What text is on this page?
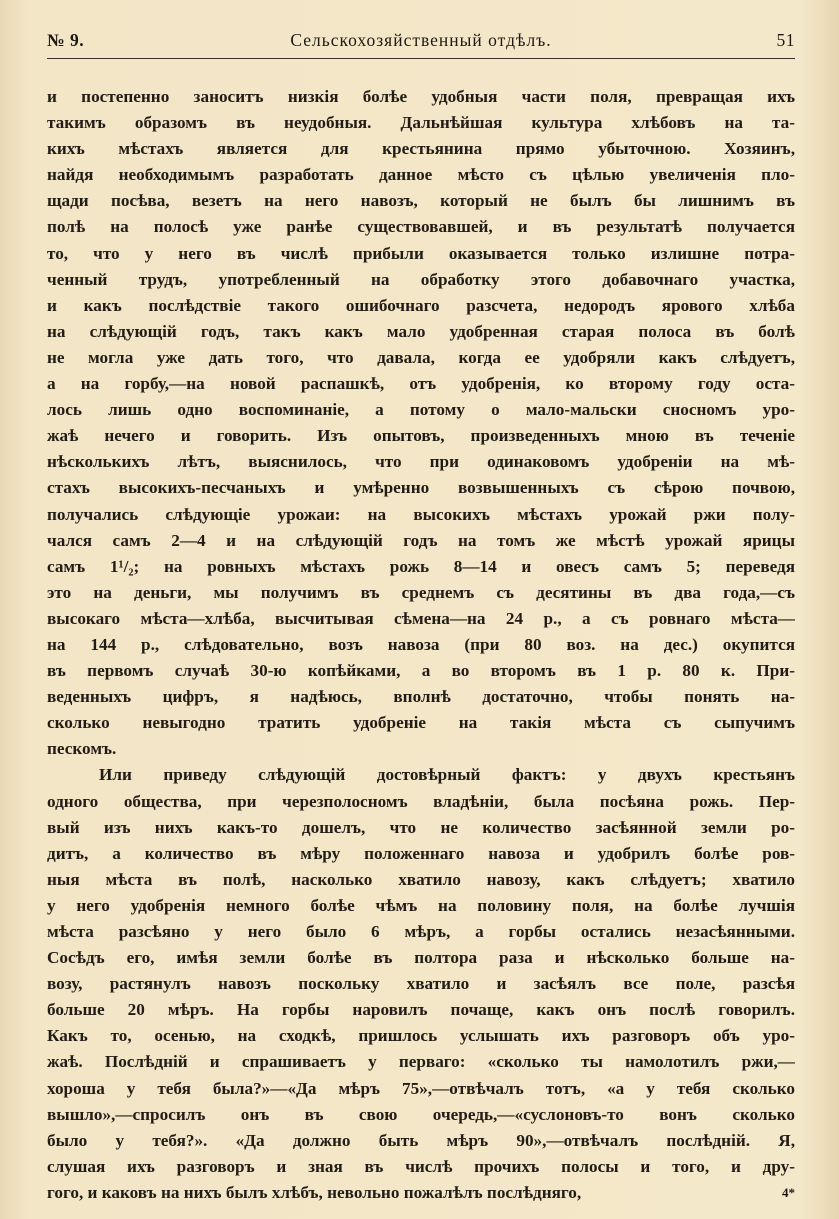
№ 9.	Сельскохозяйственный отдѣлъ.	51
и постепенно заноситъ низкія болѣе удобныя части поля, превращая ихъ
такимъ образомъ въ неудобныя. Дальнѣйшая культура хлѣбовъ на та-
кихъ мѣстахъ является для крестьянина прямо убыточною. Хозяинъ,
найдя необходимымъ разработать данное мѣсто съ цѣлью увеличенія пло-
щади посѣва, везетъ на него навозъ, который не былъ бы лишнимъ въ
полѣ на полосѣ уже ранѣе существовавшей, и въ результатѣ получается
то, что у него въ числѣ прибыли оказывается только излишне потра-
ченный трудъ, употребленный на обработку этого добавочнаго участка,
и какъ послѣдствіе такого ошибочнаго разсчета, недородъ ярового хлѣба
на слѣдующій годъ, такъ какъ мало удобренная старая полоса въ болѣ
не могла уже дать того, что давала, когда ее удобряли какъ слѣдуетъ,
а на горбу,—на новой распашкѣ, отъ удобренія, ко второму году оста-
лось лишь одно воспоминаніе, а потому о мало-мальски сносномъ уро-
жаѣ нечего и говорить. Изъ опытовъ, произведенныхъ мною въ теченіе
нѣсколькихъ лѣтъ, выяснилось, что при одинаковомъ удобреніи на мѣ-
стахъ высокихъ-песчаныхъ и умѣренно возвышенныхъ съ сѣрою почвою,
получались слѣдующіе урожаи: на высокихъ мѣстахъ урожай ржи полу-
чался самъ 2—4 и на слѣдующій годъ на томъ же мѣстѣ урожай ярицы
самъ 1¹/₂; на ровныхъ мѣстахъ рожь 8—14 и овесъ самъ 5; переведя
это на деньги, мы получимъ въ среднемъ съ десятины въ два года,—съ
высокаго мѣста—хлѣба, высчитывая сѣмена—на 24 р., а съ ровнаго мѣста—
на 144 р., слѣдовательно, возъ навоза (при 80 воз. на дес.) окупится
въ первомъ случаѣ 30-ю копѣйками, а во второмъ въ 1 р. 80 к. При-
веденныхъ цифръ, я надѣюсь, вполнѣ достаточно, чтобы понять на-
сколько невыгодно тратить удобреніе на такія мѣста съ сыпучимъ
пескомъ.
Или приведу слѣдующій достовѣрный фактъ: у двухъ крестьянъ
одного общества, при черезполосномъ владѣніи, была посѣяна рожь. Пер-
вый изъ нихъ какъ-то дошелъ, что не количество засѣянной земли ро-
дитъ, а количество въ мѣру положеннаго навоза и удобрилъ болѣе ров-
ныя мѣста въ полѣ, насколько хватило навозу, какъ слѣдуетъ; хватило
у него удобренія немного болѣе чѣмъ на половину поля, на болѣе лучшія
мѣста разсѣяно у него было 6 мѣръ, а горбы остались незасѣянными.
Сосѣдъ его, имѣя земли болѣе въ полтора раза и нѣсколько больше на-
возу, растянулъ навозъ поскольку хватило и засѣялъ все поле, разсѣя
больше 20 мѣръ. На горбы наровилъ почаще, какъ онъ послѣ говорилъ.
Какъ то, осенью, на сходкѣ, пришлось услышать ихъ разговоръ объ уро-
жаѣ. Послѣдній и спрашиваетъ у перваго: «сколько ты намолотилъ ржи,—
хороша у тебя была?»—«Да мѣръ 75»,—отвѣчалъ тотъ, «а у тебя сколько
вышло»,—спросилъ онъ въ свою очередь,—«суслоновъ-то вонъ сколько
было у тебя?». «Да должно быть мѣръ 90»,—отвѣчалъ послѣдній. Я,
слушая ихъ разговоръ и зная въ числѣ прочихъ полосы и того, и дру-
гого, и каковъ на нихъ былъ хлѣбъ, невольно пожалѣлъ послѣдняго,	4*
